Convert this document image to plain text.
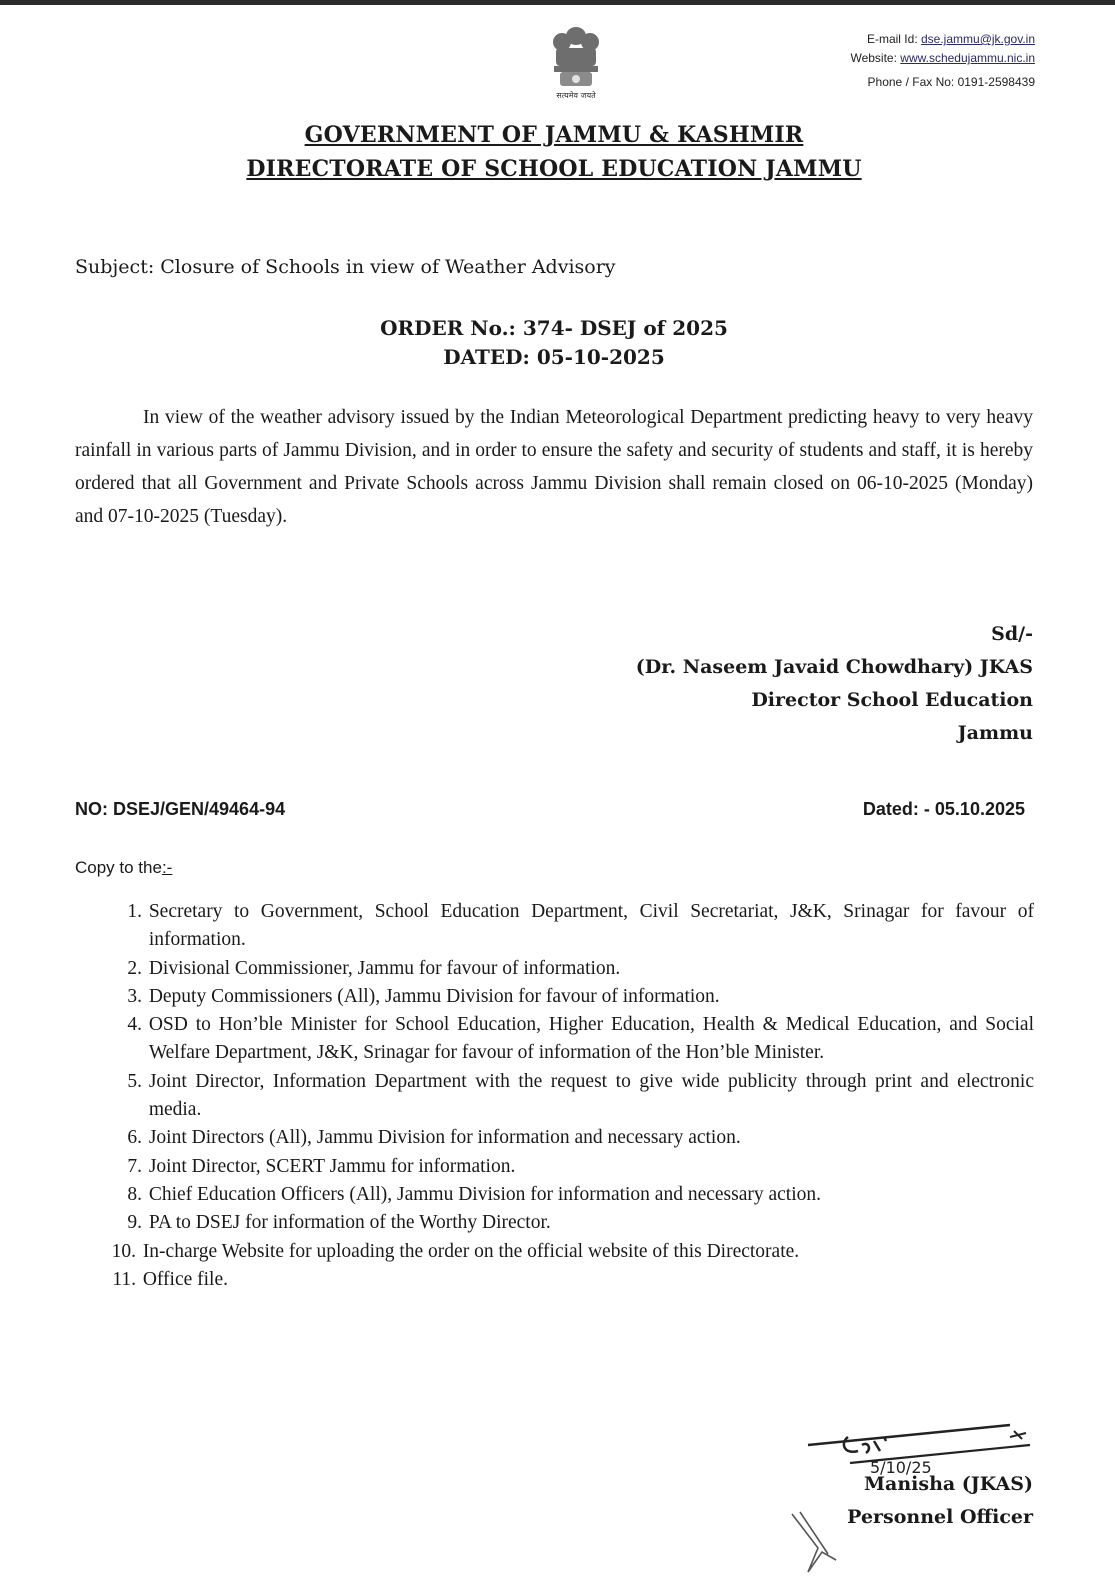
सत्यमेव जयते
E-mail Id: dse.jammu@jk.gov.in
Website: www.schedujammu.nic.in
Phone / Fax No: 0191-2598439
GOVERNMENT OF JAMMU & KASHMIR
DIRECTORATE OF SCHOOL EDUCATION JAMMU
Subject: Closure of Schools in view of Weather Advisory
ORDER No.: 374- DSEJ of 2025
DATED: 05-10-2025
In view of the weather advisory issued by the Indian Meteorological Department predicting heavy to very heavy rainfall in various parts of Jammu Division, and in order to ensure the safety and security of students and staff, it is hereby ordered that all Government and Private Schools across Jammu Division shall remain closed on 06-10-2025 (Monday) and 07-10-2025 (Tuesday).
Sd/-
(Dr. Naseem Javaid Chowdhary) JKAS
Director School Education
Jammu
NO: DSEJ/GEN/49464-94	Dated: - 05.10.2025
Copy to the:-
1. Secretary to Government, School Education Department, Civil Secretariat, J&K, Srinagar for favour of information.
2. Divisional Commissioner, Jammu for favour of information.
3. Deputy Commissioners (All), Jammu Division for favour of information.
4. OSD to Hon’ble Minister for School Education, Higher Education, Health & Medical Education, and Social Welfare Department, J&K, Srinagar for favour of information of the Hon’ble Minister.
5. Joint Director, Information Department with the request to give wide publicity through print and electronic media.
6. Joint Directors (All), Jammu Division for information and necessary action.
7. Joint Director, SCERT Jammu for information.
8. Chief Education Officers (All), Jammu Division for information and necessary action.
9. PA to DSEJ for information of the Worthy Director.
10. In-charge Website for uploading the order on the official website of this Directorate.
11. Office file.
5/10/25
Manisha (JKAS)
Personnel Officer
